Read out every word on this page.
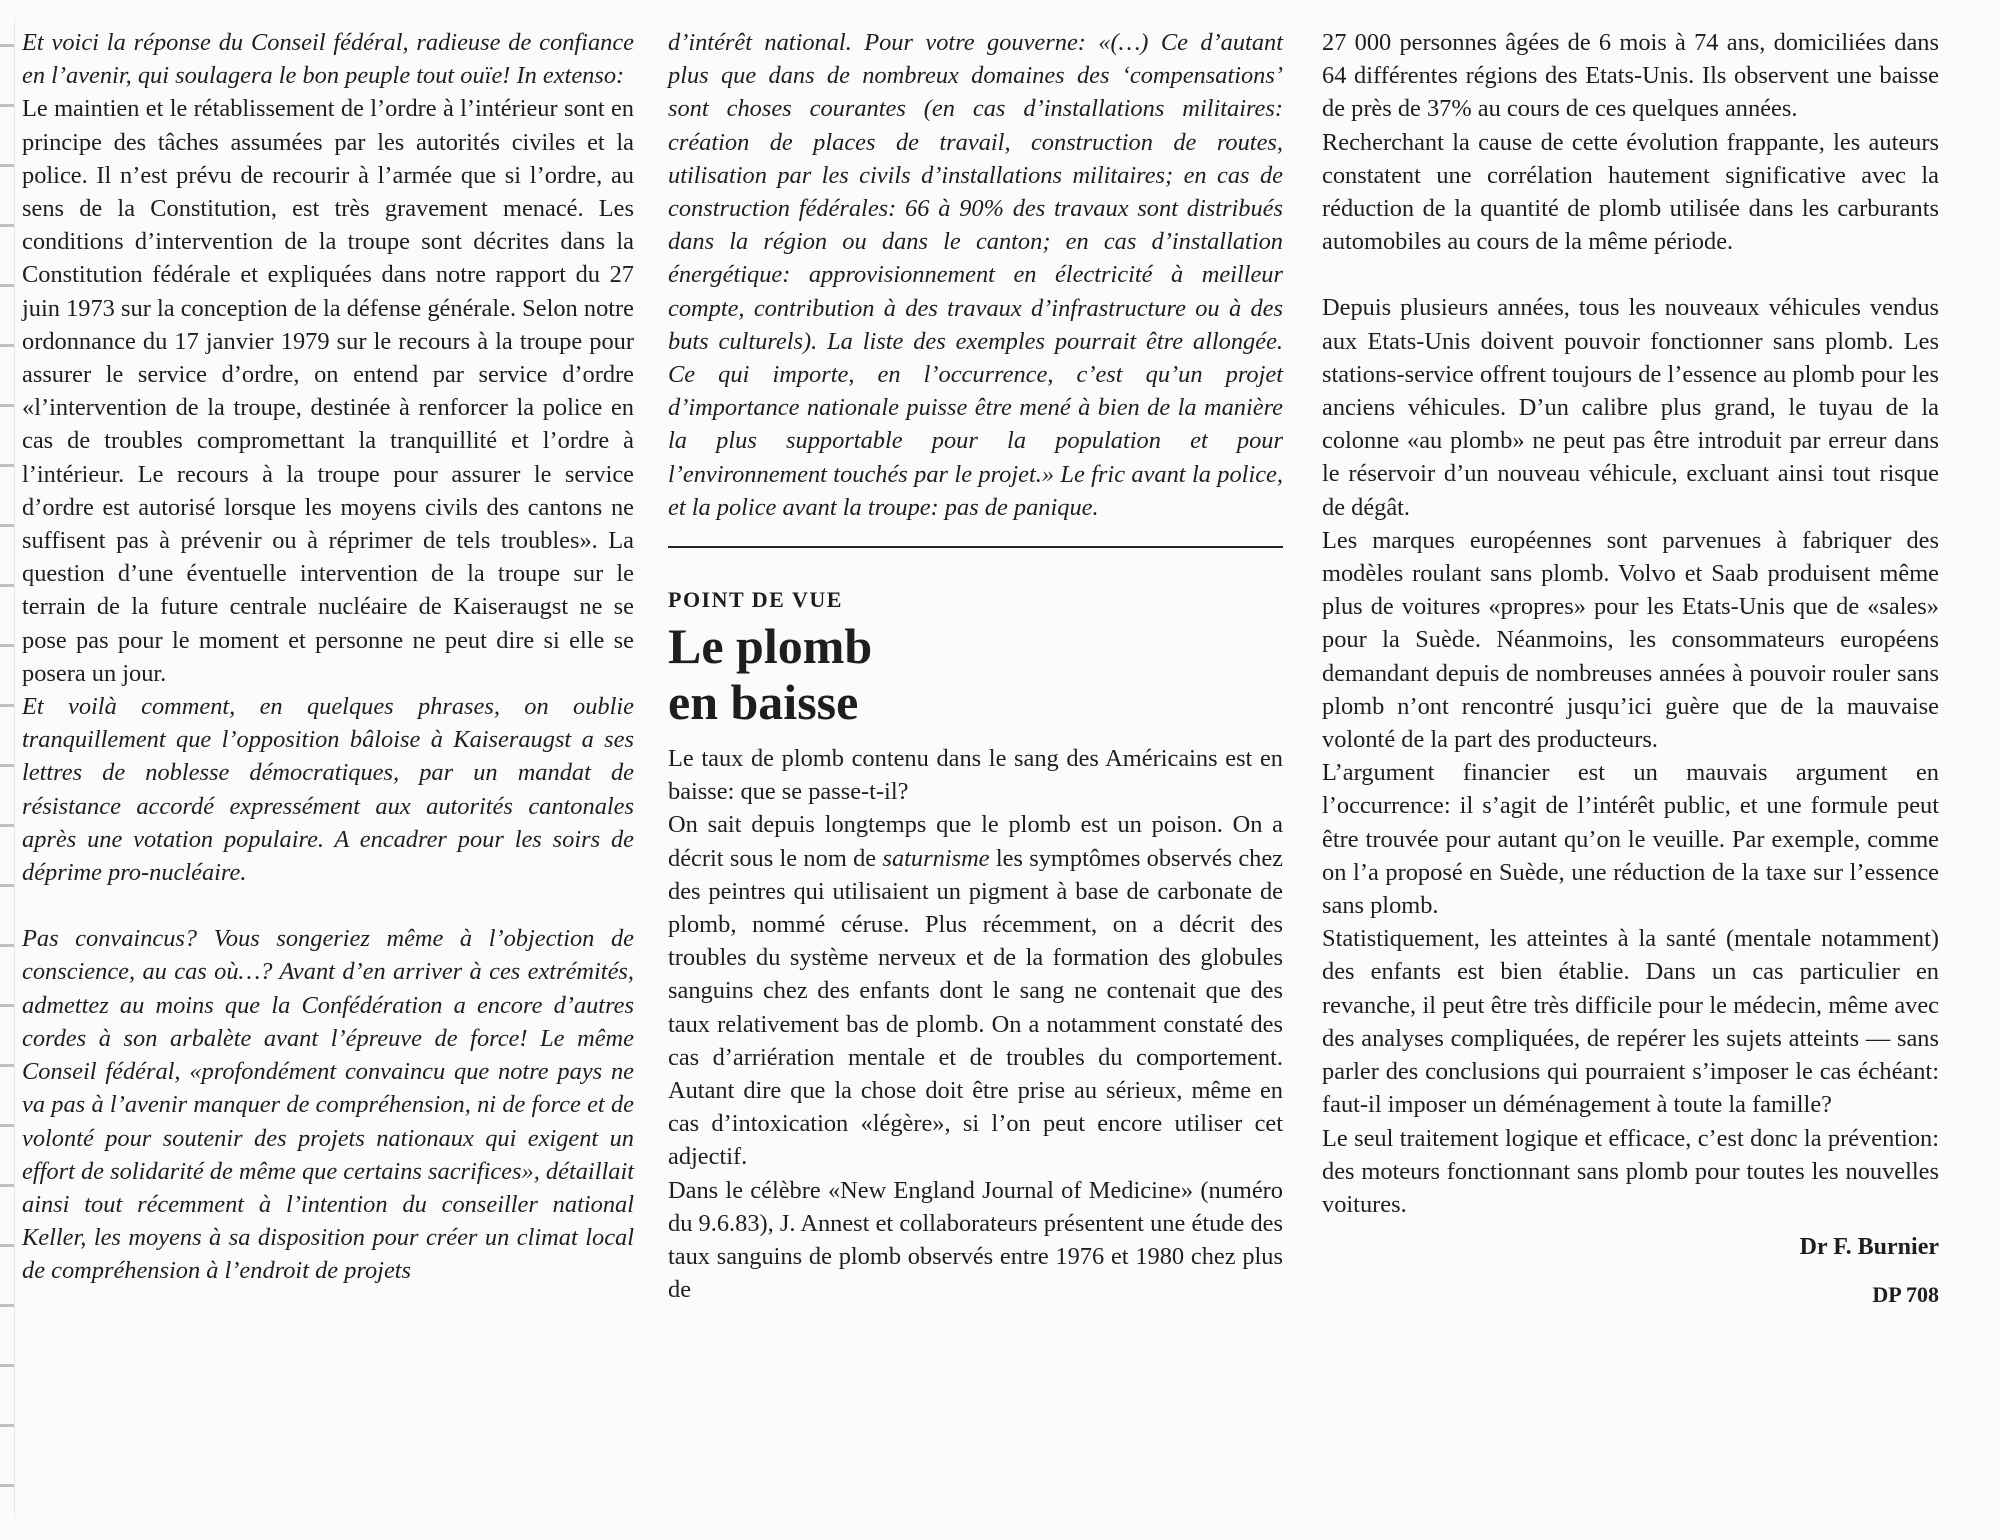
Et voici la réponse du Conseil fédéral, radieuse de confiance en l’avenir, qui soulagera le bon peuple tout ouïe! In extenso:

Le maintien et le rétablissement de l’ordre à l’intérieur sont en principe des tâches assumées par les autorités civiles et la police. Il n’est prévu de recourir à l’armée que si l’ordre, au sens de la Constitution, est très gravement menacé. Les conditions d’intervention de la troupe sont décrites dans la Constitution fédérale et expliquées dans notre rapport du 27 juin 1973 sur la conception de la défense générale. Selon notre ordonnance du 17 janvier 1979 sur le recours à la troupe pour assurer le service d’ordre, on entend par service d’ordre «l’intervention de la troupe, destinée à renforcer la police en cas de troubles compromettant la tranquillité et l’ordre à l’intérieur. Le recours à la troupe pour assurer le service d’ordre est autorisé lorsque les moyens civils des cantons ne suffisent pas à prévenir ou à réprimer de tels troubles». La question d’une éventuelle intervention de la troupe sur le terrain de la future centrale nucléaire de Kaiseraugst ne se pose pas pour le moment et personne ne peut dire si elle se posera un jour.

Et voilà comment, en quelques phrases, on oublie tranquillement que l’opposition bâloise à Kaiseraugst a ses lettres de noblesse démocratiques, par un mandat de résistance accordé expressément aux autorités cantonales après une votation populaire. A encadrer pour les soirs de déprime pro-nucléaire.

Pas convaincus? Vous songeriez même à l’objection de conscience, au cas où…? Avant d’en arriver à ces extrémités, admettez au moins que la Confédération a encore d’autres cordes à son arbalète avant l’épreuve de force! Le même Conseil fédéral, «profondément convaincu que notre pays ne va pas à l’avenir manquer de compréhension, ni de force et de volonté pour soutenir des projets nationaux qui exigent un effort de solidarité de même que certains sacrifices», détaillait ainsi tout récemment à l’intention du conseiller national Keller, les moyens à sa disposition pour créer un climat local de compréhension à l’endroit de projets

d’intérêt national. Pour votre gouverne: «(…) Ce d’autant plus que dans de nombreux domaines des ‘compensations’ sont choses courantes (en cas d’installations militaires: création de places de travail, construction de routes, utilisation par les civils d’installations militaires; en cas de construction fédérales: 66 à 90% des travaux sont distribués dans la région ou dans le canton; en cas d’installation énergétique: approvisionnement en électricité à meilleur compte, contribution à des travaux d’infrastructure ou à des buts culturels). La liste des exemples pourrait être allongée. Ce qui importe, en l’occurrence, c’est qu’un projet d’importance nationale puisse être mené à bien de la manière la plus supportable pour la population et pour l’environnement touchés par le projet.» Le fric avant la police, et la police avant la troupe: pas de panique.

POINT DE VUE
Le plomb
en baisse

Le taux de plomb contenu dans le sang des Américains est en baisse: que se passe-t-il?

On sait depuis longtemps que le plomb est un poison. On a décrit sous le nom de saturnisme les symptômes observés chez des peintres qui utilisaient un pigment à base de carbonate de plomb, nommé céruse. Plus récemment, on a décrit des troubles du système nerveux et de la formation des globules sanguins chez des enfants dont le sang ne contenait que des taux relativement bas de plomb. On a notamment constaté des cas d’arriération mentale et de troubles du comportement. Autant dire que la chose doit être prise au sérieux, même en cas d’intoxication «légère», si l’on peut encore utiliser cet adjectif.

Dans le célèbre «New England Journal of Medicine» (numéro du 9.6.83), J. Annest et collaborateurs présentent une étude des taux sanguins de plomb observés entre 1976 et 1980 chez plus de

27 000 personnes âgées de 6 mois à 74 ans, domiciliées dans 64 différentes régions des Etats-Unis. Ils observent une baisse de près de 37% au cours de ces quelques années.

Recherchant la cause de cette évolution frappante, les auteurs constatent une corrélation hautement significative avec la réduction de la quantité de plomb utilisée dans les carburants automobiles au cours de la même période.

Depuis plusieurs années, tous les nouveaux véhicules vendus aux Etats-Unis doivent pouvoir fonctionner sans plomb. Les stations-service offrent toujours de l’essence au plomb pour les anciens véhicules. D’un calibre plus grand, le tuyau de la colonne «au plomb» ne peut pas être introduit par erreur dans le réservoir d’un nouveau véhicule, excluant ainsi tout risque de dégât.

Les marques européennes sont parvenues à fabriquer des modèles roulant sans plomb. Volvo et Saab produisent même plus de voitures «propres» pour les Etats-Unis que de «sales» pour la Suède. Néanmoins, les consommateurs européens demandant depuis de nombreuses années à pouvoir rouler sans plomb n’ont rencontré jusqu’ici guère que de la mauvaise volonté de la part des producteurs.

L’argument financier est un mauvais argument en l’occurrence: il s’agit de l’intérêt public, et une formule peut être trouvée pour autant qu’on le veuille. Par exemple, comme on l’a proposé en Suède, une réduction de la taxe sur l’essence sans plomb.

Statistiquement, les atteintes à la santé (mentale notamment) des enfants est bien établie. Dans un cas particulier en revanche, il peut être très difficile pour le médecin, même avec des analyses compliquées, de repérer les sujets atteints — sans parler des conclusions qui pourraient s’imposer le cas échéant: faut-il imposer un déménagement à toute la famille?

Le seul traitement logique et efficace, c’est donc la prévention: des moteurs fonctionnant sans plomb pour toutes les nouvelles voitures.

Dr F. Burnier
DP 708
